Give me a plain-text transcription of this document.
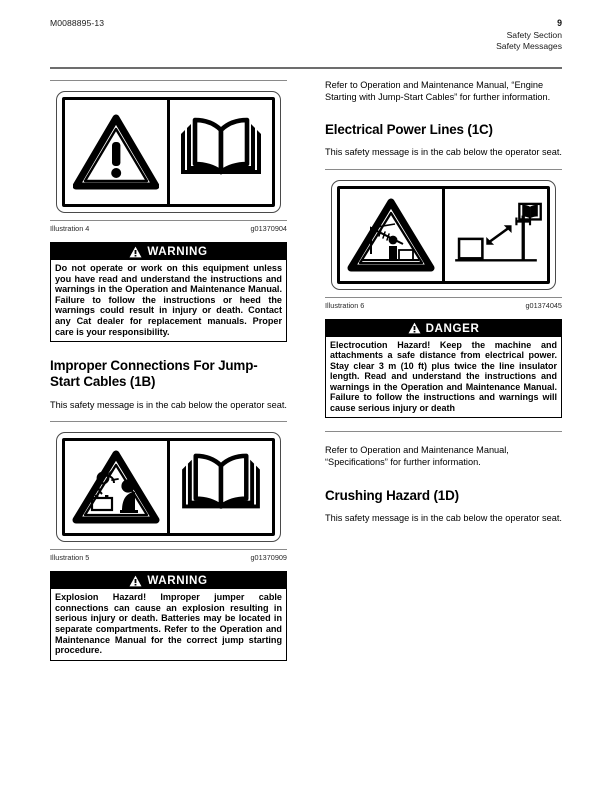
M0088895-13	9
Safety Section
Safety Messages
Illustration 4	g01370904
WARNING
Do not operate or work on this equipment unless you have read and understand the instructions and warnings in the Operation and Maintenance Manual. Failure to follow the instructions or heed the warnings could result in injury or death. Contact any Cat dealer for replacement manuals. Proper care is your responsibility.
Improper Connections For Jump-Start Cables (1B)

This safety message is in the cab below the operator seat.

Illustration 5	g01370909
WARNING
Explosion Hazard! Improper jumper cable connections can cause an explosion resulting in serious injury or death. Batteries may be located in separate compartments. Refer to the Operation and Maintenance Manual for the correct jump starting procedure.

Refer to Operation and Maintenance Manual, “Engine Starting with Jump-Start Cables” for further information.

Electrical Power Lines (1C)

This safety message is in the cab below the operator seat.

Illustration 6	g01374045
DANGER
Electrocution Hazard! Keep the machine and attachments a safe distance from electrical power. Stay clear 3 m (10 ft) plus twice the line insulator length. Read and understand the instructions and warnings in the Operation and Maintenance Manual. Failure to follow the instructions and warnings will cause serious injury or death

Refer to Operation and Maintenance Manual, “Specifications” for further information.

Crushing Hazard (1D)

This safety message is in the cab below the operator seat.
